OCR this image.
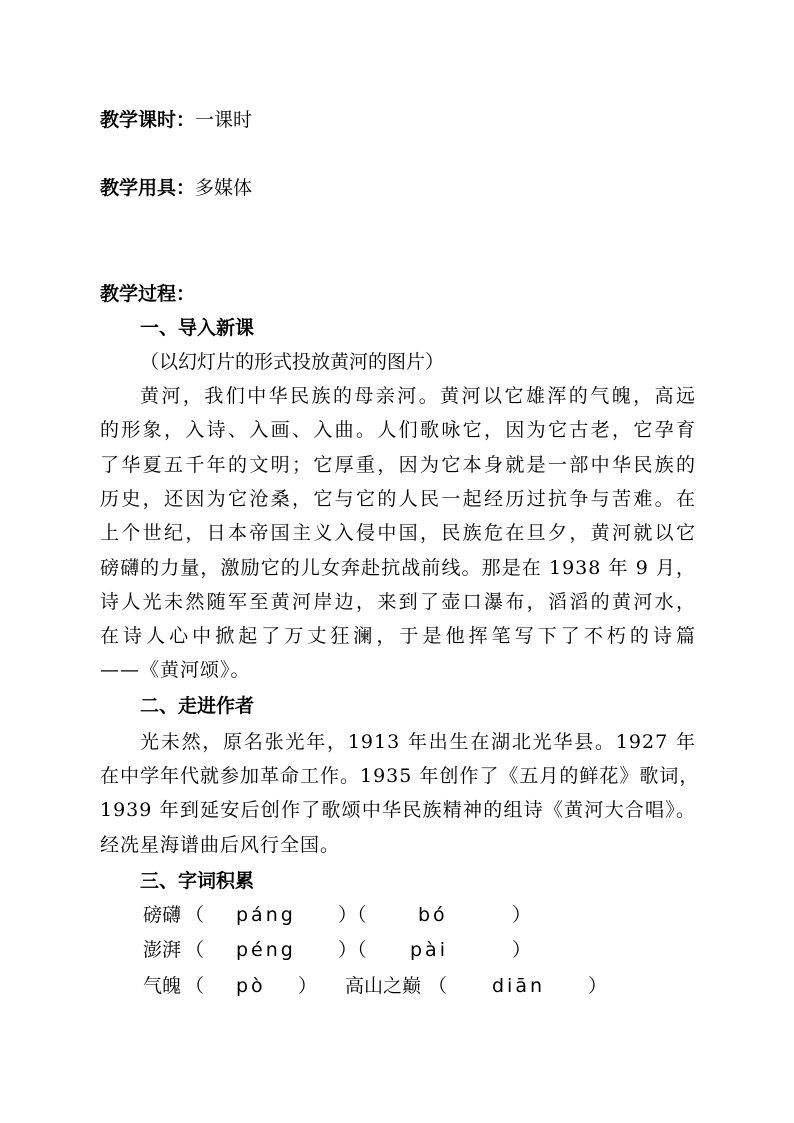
教学课时：一课时
教学用具：多媒体
教学过程：
一、导入新课
（以幻灯片的形式投放黄河的图片）
黄河，我们中华民族的母亲河。黄河以它雄浑的气魄，高远
的形象，入诗、入画、入曲。人们歌咏它，因为它古老，它孕育
了华夏五千年的文明；它厚重，因为它本身就是一部中华民族的
历史，还因为它沧桑，它与它的人民一起经历过抗争与苦难。在
上个世纪，日本帝国主义入侵中国，民族危在旦夕，黄河就以它
磅礴的力量，激励它的儿女奔赴抗战前线。那是在 1938 年 9 月，
诗人光未然随军至黄河岸边，来到了壶口瀑布，滔滔的黄河水，
在诗人心中掀起了万丈狂澜，于是他挥笔写下了不朽的诗篇
——《黄河颂》。
二、走进作者
光未然，原名张光年，1913 年出生在湖北光华县。1927 年
在中学年代就参加革命工作。1935 年创作了《五月的鲜花》歌词，
1939 年到延安后创作了歌颂中华民族精神的组诗《黄河大合唱》。
经冼星海谱曲后风行全国。
三、字词积累
磅礴 （ páng ）（	bó	）
澎湃 （ péng ）（ pài	）
气魄 （ pò ） 高山之巅 （ diān ）
